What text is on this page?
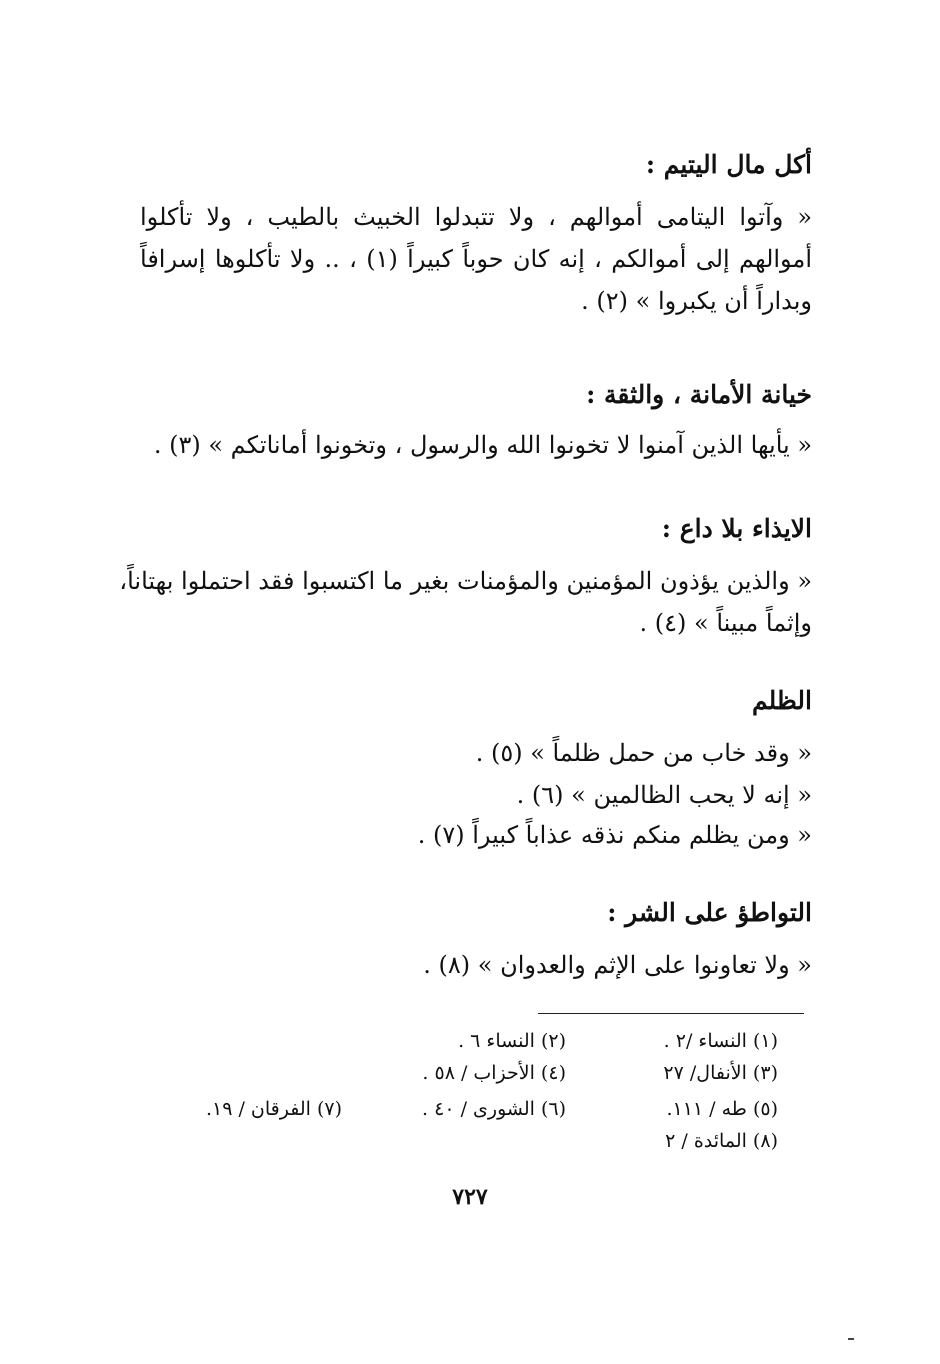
أكل مال اليتيم :
« وآتوا اليتامى أموالهم ، ولا تتبدلوا الخبيث بالطيب ، ولا تأكلوا
أموالهم إلى أموالكم ، إنه كان حوباً كبيراً (١) ، .. ولا تأكلوها إسرافاً
وبداراً أن يكبروا » (٢) .
خيانة الأمانة ، والثقة :
« يأيها الذين آمنوا لا تخونوا الله والرسول ، وتخونوا أماناتكم » (٣) .
الايذاء بلا داع :
« والذين يؤذون المؤمنين والمؤمنات بغير ما اكتسبوا فقد احتملوا بهتاناً،
وإثماً مبيناً » (٤) .
الظلم
« وقد خاب من حمل ظلماً » (٥) .
« إنه لا يحب الظالمين » (٦) .
« ومن يظلم منكم نذقه عذاباً كبيراً (٧) .
التواطؤ على الشر :
« ولا تعاونوا على الإثم والعدوان » (٨) .
(١) النساء /٢ .
(٢) النساء ٦ .
(٣) الأنفال/ ٢٧
(٤) الأحزاب / ٥٨ .
(٥) طه / ١١١.
(٦) الشورى / ٤٠ .
(٧) الفرقان / ١٩.
(٨) المائدة / ٢
٧٢٧
